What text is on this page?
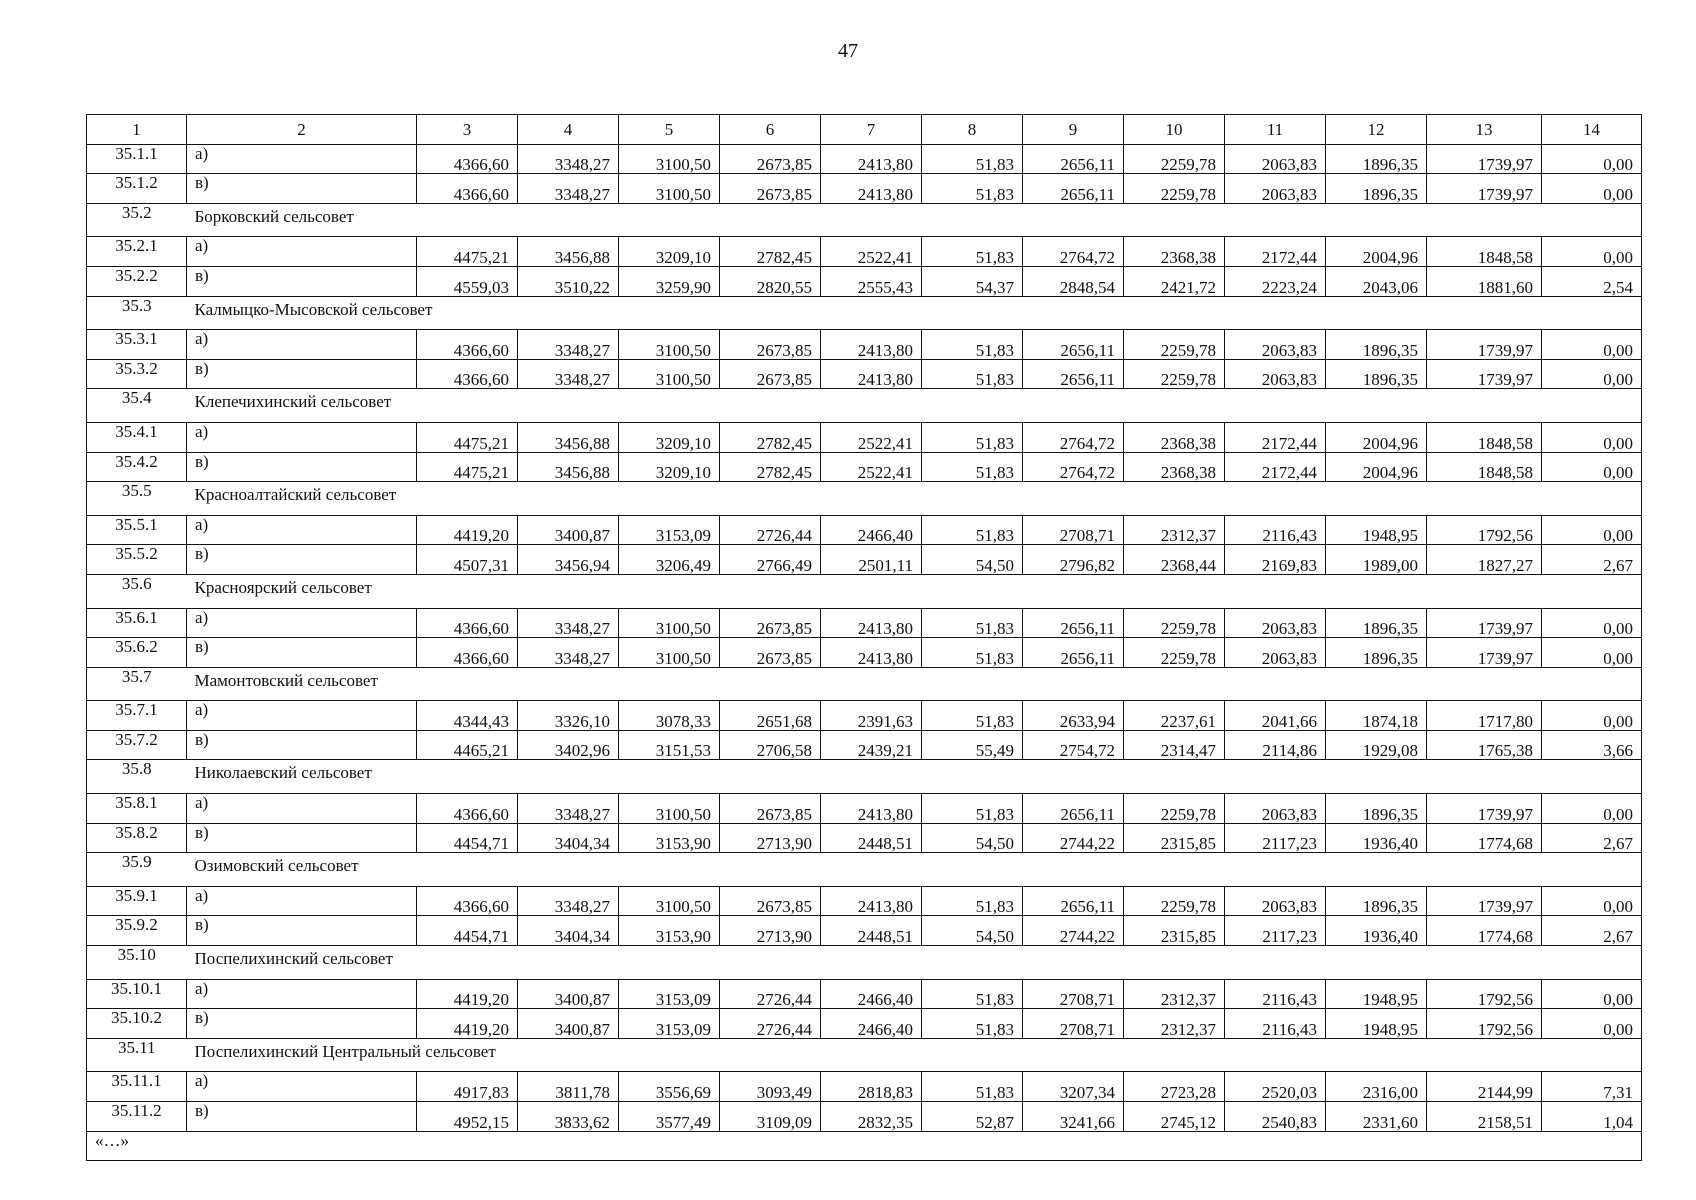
47
1	2	3	4	5	6	7	8	9	10	11	12	13	14
35.1.1	а)	4366,60	3348,27	3100,50	2673,85	2413,80	51,83	2656,11	2259,78	2063,83	1896,35	1739,97	0,00
35.1.2	в)	4366,60	3348,27	3100,50	2673,85	2413,80	51,83	2656,11	2259,78	2063,83	1896,35	1739,97	0,00
35.2	Борковский сельсовет												
35.2.1	а)	4475,21	3456,88	3209,10	2782,45	2522,41	51,83	2764,72	2368,38	2172,44	2004,96	1848,58	0,00
35.2.2	в)	4559,03	3510,22	3259,90	2820,55	2555,43	54,37	2848,54	2421,72	2223,24	2043,06	1881,60	2,54
35.3	Калмыцко-Мысовской сельсовет												
35.3.1	а)	4366,60	3348,27	3100,50	2673,85	2413,80	51,83	2656,11	2259,78	2063,83	1896,35	1739,97	0,00
35.3.2	в)	4366,60	3348,27	3100,50	2673,85	2413,80	51,83	2656,11	2259,78	2063,83	1896,35	1739,97	0,00
35.4	Клепечихинский сельсовет												
35.4.1	а)	4475,21	3456,88	3209,10	2782,45	2522,41	51,83	2764,72	2368,38	2172,44	2004,96	1848,58	0,00
35.4.2	в)	4475,21	3456,88	3209,10	2782,45	2522,41	51,83	2764,72	2368,38	2172,44	2004,96	1848,58	0,00
35.5	Красноалтайский сельсовет												
35.5.1	а)	4419,20	3400,87	3153,09	2726,44	2466,40	51,83	2708,71	2312,37	2116,43	1948,95	1792,56	0,00
35.5.2	в)	4507,31	3456,94	3206,49	2766,49	2501,11	54,50	2796,82	2368,44	2169,83	1989,00	1827,27	2,67
35.6	Красноярский сельсовет												
35.6.1	а)	4366,60	3348,27	3100,50	2673,85	2413,80	51,83	2656,11	2259,78	2063,83	1896,35	1739,97	0,00
35.6.2	в)	4366,60	3348,27	3100,50	2673,85	2413,80	51,83	2656,11	2259,78	2063,83	1896,35	1739,97	0,00
35.7	Мамонтовский сельсовет												
35.7.1	а)	4344,43	3326,10	3078,33	2651,68	2391,63	51,83	2633,94	2237,61	2041,66	1874,18	1717,80	0,00
35.7.2	в)	4465,21	3402,96	3151,53	2706,58	2439,21	55,49	2754,72	2314,47	2114,86	1929,08	1765,38	3,66
35.8	Николаевский сельсовет												
35.8.1	а)	4366,60	3348,27	3100,50	2673,85	2413,80	51,83	2656,11	2259,78	2063,83	1896,35	1739,97	0,00
35.8.2	в)	4454,71	3404,34	3153,90	2713,90	2448,51	54,50	2744,22	2315,85	2117,23	1936,40	1774,68	2,67
35.9	Озимовский сельсовет												
35.9.1	а)	4366,60	3348,27	3100,50	2673,85	2413,80	51,83	2656,11	2259,78	2063,83	1896,35	1739,97	0,00
35.9.2	в)	4454,71	3404,34	3153,90	2713,90	2448,51	54,50	2744,22	2315,85	2117,23	1936,40	1774,68	2,67
35.10	Поспелихинский сельсовет												
35.10.1	а)	4419,20	3400,87	3153,09	2726,44	2466,40	51,83	2708,71	2312,37	2116,43	1948,95	1792,56	0,00
35.10.2	в)	4419,20	3400,87	3153,09	2726,44	2466,40	51,83	2708,71	2312,37	2116,43	1948,95	1792,56	0,00
35.11	Поспелихинский Центральный сельсовет												
35.11.1	а)	4917,83	3811,78	3556,69	3093,49	2818,83	51,83	3207,34	2723,28	2520,03	2316,00	2144,99	7,31
35.11.2	в)	4952,15	3833,62	3577,49	3109,09	2832,35	52,87	3241,66	2745,12	2540,83	2331,60	2158,51	1,04
«…»													
